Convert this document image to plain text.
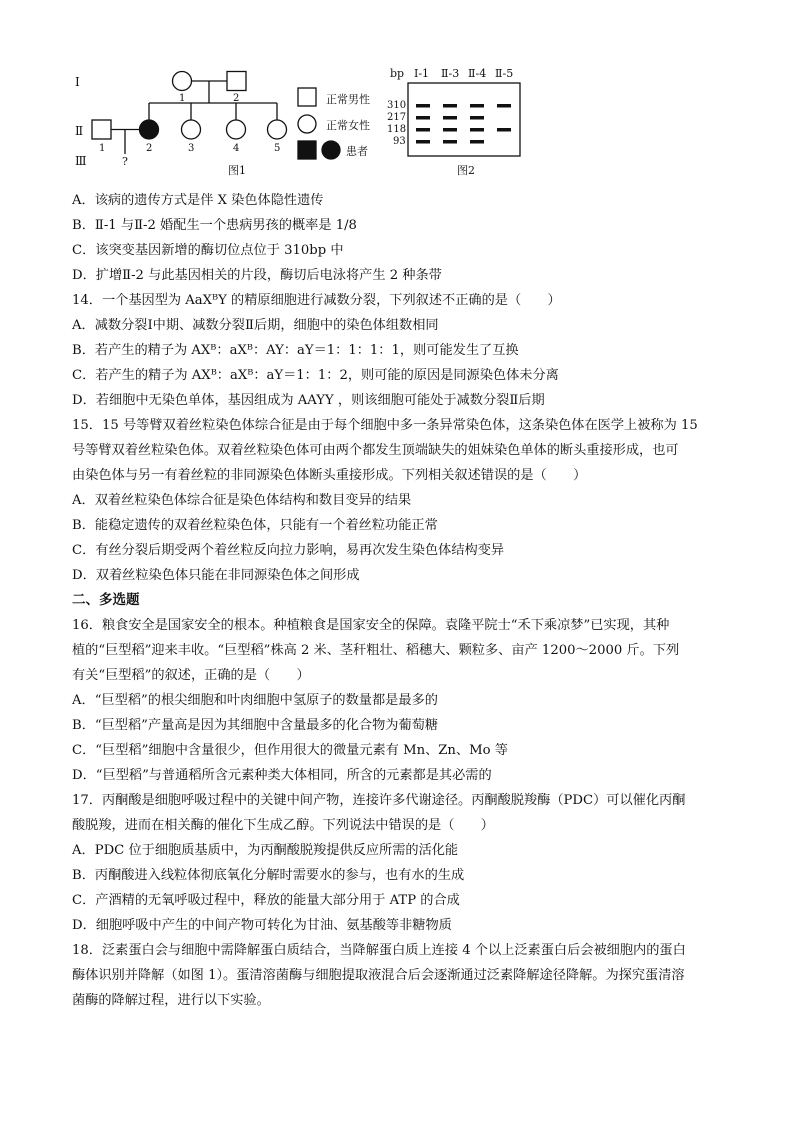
Ⅰ
Ⅱ
Ⅲ
1	2
1	2	3	4	5
?
图1
正常男性
正常女性
患者
bp Ⅰ-1 Ⅱ-3 Ⅱ-4 Ⅱ-5
310
217
118
93
图2
A．该病的遗传方式是伴 X 染色体隐性遗传
B．Ⅱ-1 与Ⅱ-2 婚配生一个患病男孩的概率是 1/8
C．该突变基因新增的酶切位点位于 310bp 中
D．扩增Ⅱ-2 与此基因相关的片段，酶切后电泳将产生 2 种条带
14．一个基因型为 AaXᴮY 的精原细胞进行减数分裂，下列叙述不正确的是（　　）
A．减数分裂Ⅰ中期、减数分裂Ⅱ后期，细胞中的染色体组数相同
B．若产生的精子为 AXᴮ：aXᴮ：AY：aY＝1：1：1：1，则可能发生了互换
C．若产生的精子为 AXᴮ：aXᴮ：aY＝1：1：2，则可能的原因是同源染色体未分离
D．若细胞中无染色单体，基因组成为 AAYY ，则该细胞可能处于减数分裂Ⅱ后期
15．15 号等臂双着丝粒染色体综合征是由于每个细胞中多一条异常染色体，这条染色体在医学上被称为 15
号等臂双着丝粒染色体。双着丝粒染色体可由两个都发生顶端缺失的姐妹染色单体的断头重接形成，也可
由染色体与另一有着丝粒的非同源染色体断头重接形成。下列相关叙述错误的是（　　）
A．双着丝粒染色体综合征是染色体结构和数目变异的结果
B．能稳定遗传的双着丝粒染色体，只能有一个着丝粒功能正常
C．有丝分裂后期受两个着丝粒反向拉力影响，易再次发生染色体结构变异
D．双着丝粒染色体只能在非同源染色体之间形成
二、多选题
16．粮食安全是国家安全的根本。种植粮食是国家安全的保障。袁隆平院士“禾下乘凉梦”已实现，其种
植的“巨型稻”迎来丰收。“巨型稻”株高 2 米、茎秆粗壮、稻穗大、颗粒多、亩产 1200～2000 斤。下列
有关“巨型稻”的叙述，正确的是（　　）
A．“巨型稻”的根尖细胞和叶肉细胞中氢原子的数量都是最多的
B．“巨型稻”产量高是因为其细胞中含量最多的化合物为葡萄糖
C．“巨型稻”细胞中含量很少，但作用很大的微量元素有 Mn、Zn、Mo 等
D．“巨型稻”与普通稻所含元素种类大体相同，所含的元素都是其必需的
17．丙酮酸是细胞呼吸过程中的关键中间产物，连接许多代谢途径。丙酮酸脱羧酶（PDC）可以催化丙酮
酸脱羧，进而在相关酶的催化下生成乙醇。下列说法中错误的是（　　）
A．PDC 位于细胞质基质中，为丙酮酸脱羧提供反应所需的活化能
B．丙酮酸进入线粒体彻底氧化分解时需要水的参与，也有水的生成
C．产酒精的无氧呼吸过程中，释放的能量大部分用于 ATP 的合成
D．细胞呼吸中产生的中间产物可转化为甘油、氨基酸等非糖物质
18．泛素蛋白会与细胞中需降解蛋白质结合，当降解蛋白质上连接 4 个以上泛素蛋白后会被细胞内的蛋白
酶体识别并降解（如图 1）。蛋清溶菌酶与细胞提取液混合后会逐渐通过泛素降解途径降解。为探究蛋清溶
菌酶的降解过程，进行以下实验。
